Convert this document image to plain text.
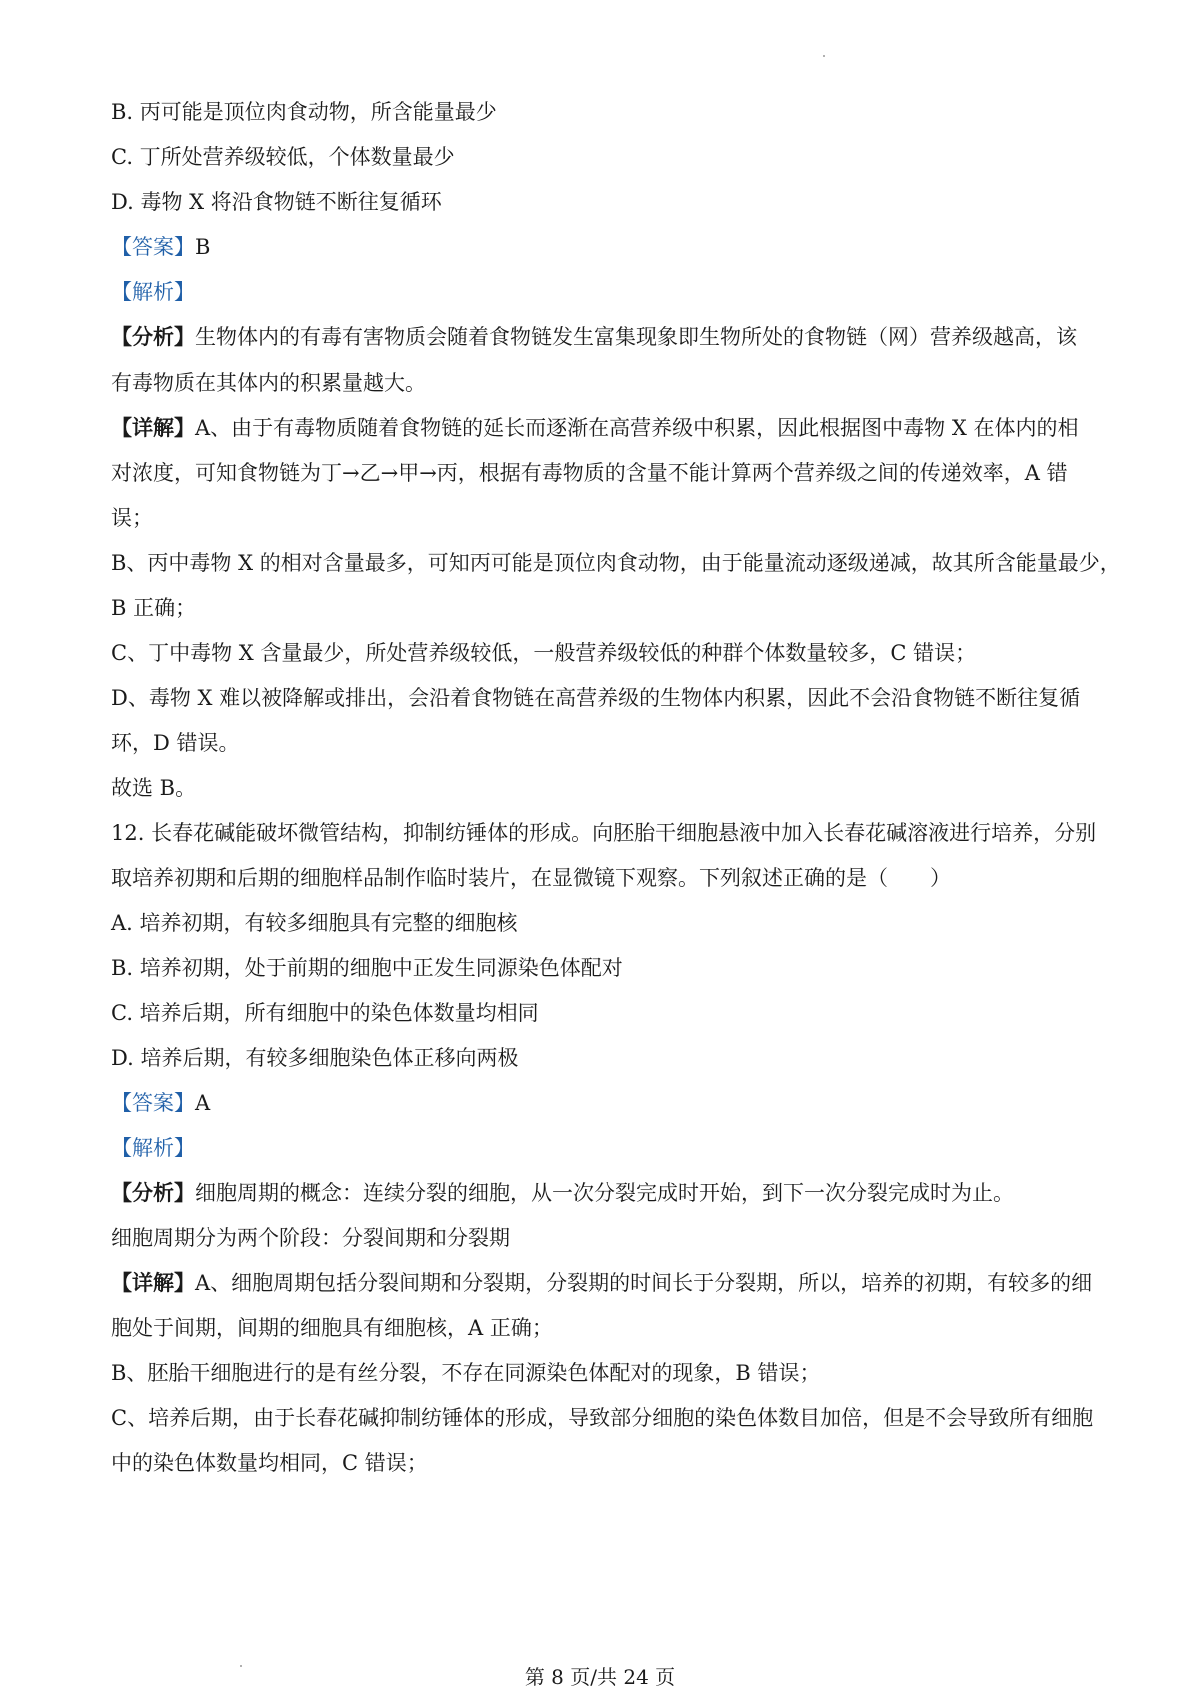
B. 丙可能是顶位肉食动物，所含能量最少
C. 丁所处营养级较低，个体数量最少
D. 毒物 X 将沿食物链不断往复循环
【答案】B
【解析】
【分析】生物体内的有毒有害物质会随着食物链发生富集现象即生物所处的食物链（网）营养级越高，该
有毒物质在其体内的积累量越大。
【详解】A、由于有毒物质随着食物链的延长而逐渐在高营养级中积累，因此根据图中毒物 X 在体内的相
对浓度，可知食物链为丁→乙→甲→丙，根据有毒物质的含量不能计算两个营养级之间的传递效率，A 错
误；
B、丙中毒物 X 的相对含量最多，可知丙可能是顶位肉食动物，由于能量流动逐级递减，故其所含能量最少，
B 正确；
C、丁中毒物 X 含量最少，所处营养级较低，一般营养级较低的种群个体数量较多，C 错误；
D、毒物 X 难以被降解或排出，会沿着食物链在高营养级的生物体内积累，因此不会沿食物链不断往复循
环，D 错误。
故选 B。
12. 长春花碱能破坏微管结构，抑制纺锤体的形成。向胚胎干细胞悬液中加入长春花碱溶液进行培养，分别
取培养初期和后期的细胞样品制作临时装片，在显微镜下观察。下列叙述正确的是（　　）
A. 培养初期，有较多细胞具有完整的细胞核
B. 培养初期，处于前期的细胞中正发生同源染色体配对
C. 培养后期，所有细胞中的染色体数量均相同
D. 培养后期，有较多细胞染色体正移向两极
【答案】A
【解析】
【分析】细胞周期的概念：连续分裂的细胞，从一次分裂完成时开始，到下一次分裂完成时为止。
细胞周期分为两个阶段：分裂间期和分裂期
【详解】A、细胞周期包括分裂间期和分裂期，分裂期的时间长于分裂期，所以，培养的初期，有较多的细
胞处于间期，间期的细胞具有细胞核，A 正确；
B、胚胎干细胞进行的是有丝分裂，不存在同源染色体配对的现象，B 错误；
C、培养后期，由于长春花碱抑制纺锤体的形成，导致部分细胞的染色体数目加倍，但是不会导致所有细胞
中的染色体数量均相同，C 错误；
第 8 页/共 24 页
